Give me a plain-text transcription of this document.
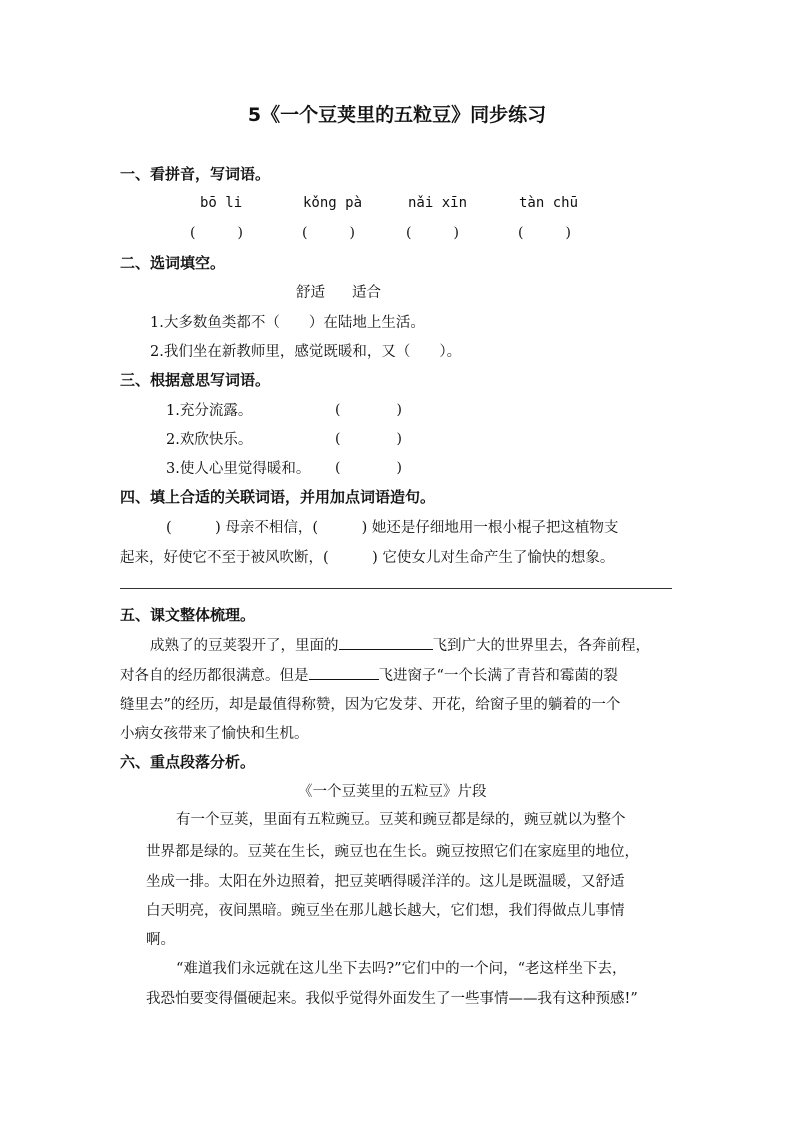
5《一个豆荚里的五粒豆》同步练习
一、看拼音，写词语。
bō li	kǒng pà	nǎi xīn	tàn chū
(　　　)	(　　　)	(　　　)	(　　　)
二、选词填空。
舒适 适合
1.大多数鱼类都不（　　）在陆地上生活。
2.我们坐在新教师里，感觉既暖和，又（　　）。
三、根据意思写词语。
1.充分流露。	(　　　　)
2.欢欣快乐。	(　　　　)
3.使人心里觉得暖和。 (　　　　)
四、填上合适的关联词语，并用加点词语造句。
(　　　) 母亲不相信，(　　　) 她还是仔细地用一根小棍子把这植物支
起来，好使它不至于被风吹断，(　　　) 它使女儿对生命产生了愉快的想象。
五、课文整体梳理。
成熟了的豆荚裂开了，里面的	飞到广大的世界里去，各奔前程，
对各自的经历都很满意。但是	飞进窗子“一个长满了青苔和霉菌的裂
缝里去”的经历，却是最值得称赞，因为它发芽、开花，给窗子里的躺着的一个
小病女孩带来了愉快和生机。
六、重点段落分析。
《一个豆荚里的五粒豆》片段
有一个豆荚，里面有五粒豌豆。豆荚和豌豆都是绿的，豌豆就以为整个
世界都是绿的。豆荚在生长，豌豆也在生长。豌豆按照它们在家庭里的地位，
坐成一排。太阳在外边照着，把豆荚晒得暖洋洋的。这儿是既温暖，又舒适
白天明亮，夜间黑暗。豌豆坐在那儿越长越大，它们想，我们得做点儿事情
啊。
“难道我们永远就在这儿坐下去吗?”它们中的一个问，“老这样坐下去，
我恐怕要变得僵硬起来。我似乎觉得外面发生了一些事情——我有这种预感!”
